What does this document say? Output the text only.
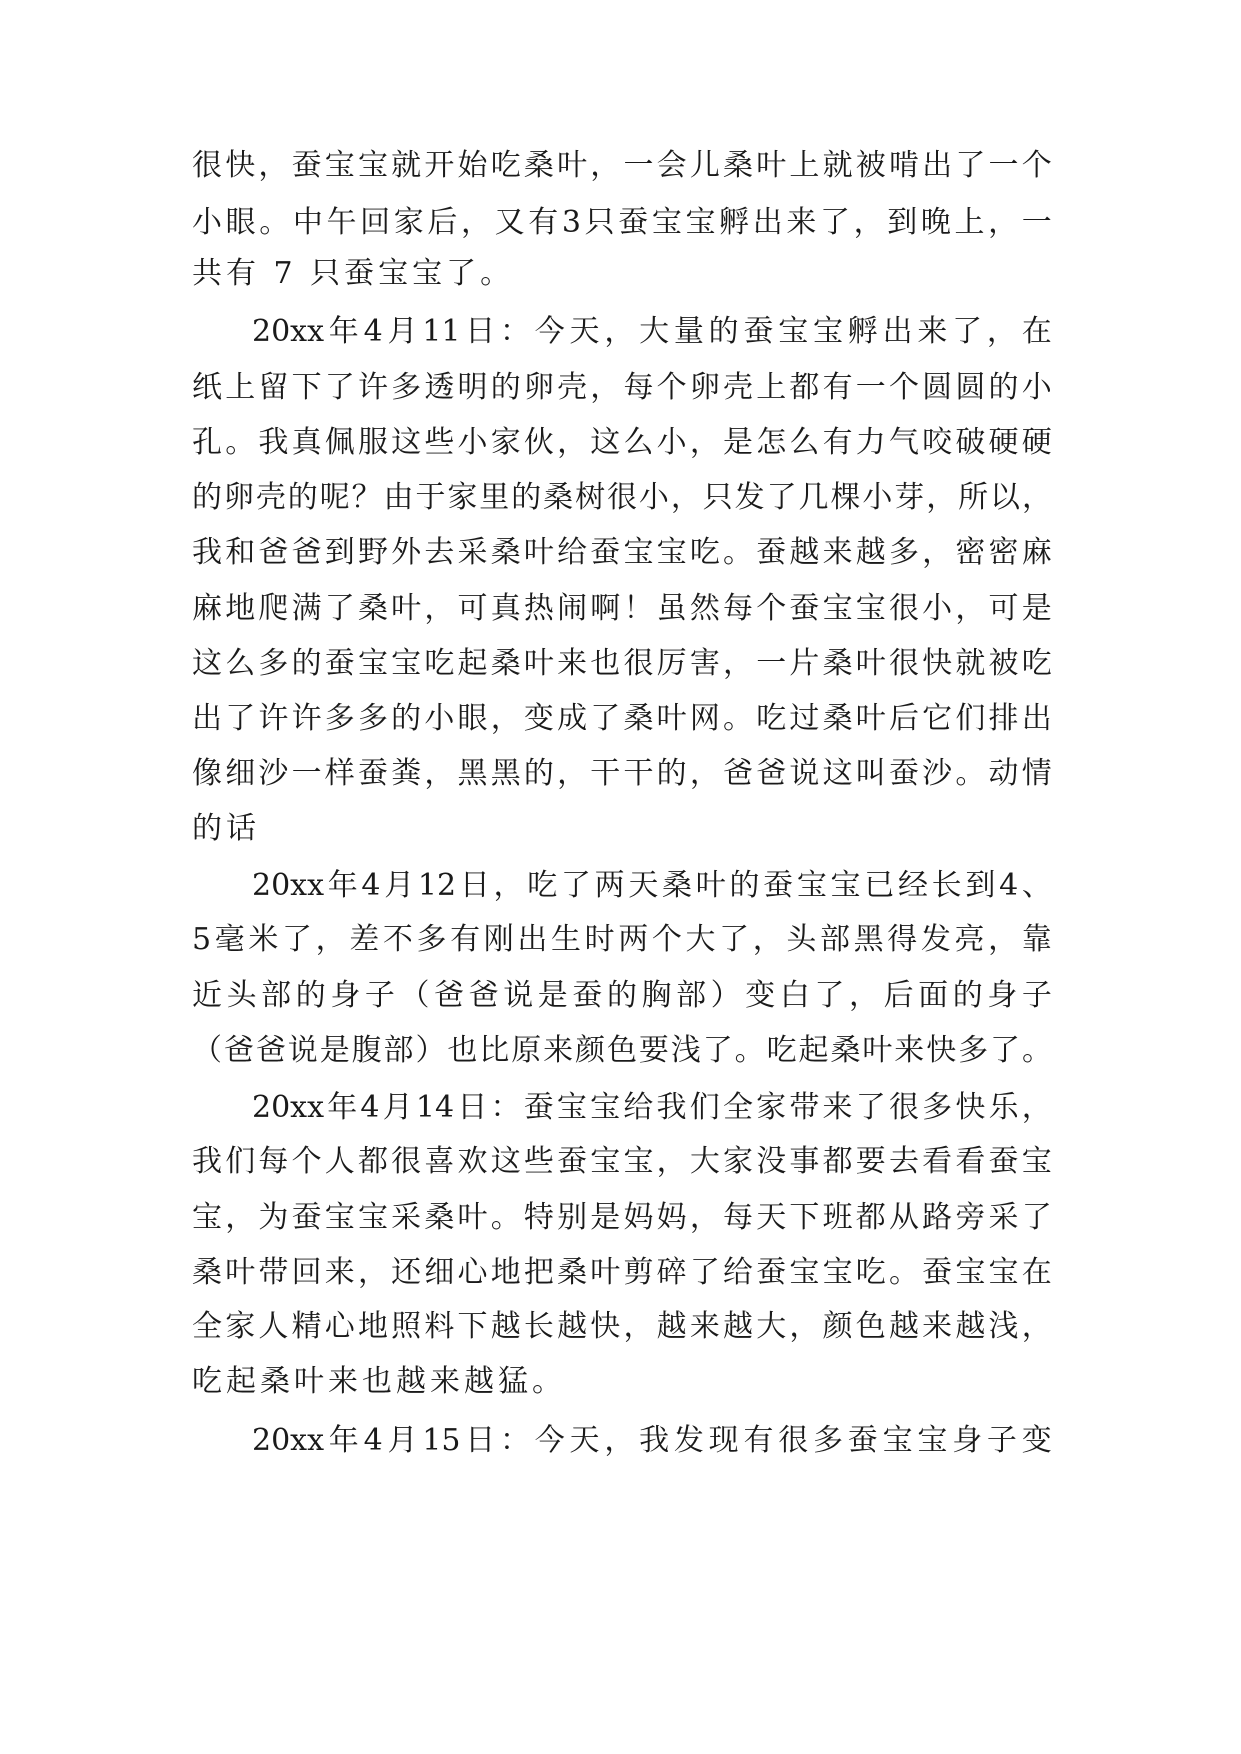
很 快 ， 蚕 宝 宝 就 开 始 吃 桑 叶 ， 一 会 儿 桑 叶 上 就 被 啃 出 了 一 个
小 眼 。 中 午 回 家 后 ， 又 有 3 只 蚕 宝 宝 孵 出 来 了 ， 到 晚 上 ， 一
共有 7 只蚕宝宝了。
20xx 年 4 月 11 日 ： 今 天 ， 大 量 的 蚕 宝 宝 孵 出 来 了 ， 在
纸 上 留 下 了 许 多 透 明 的 卵 壳 ， 每 个 卵 壳 上 都 有 一 个 圆 圆 的 小
孔 。 我 真 佩 服 这 些 小 家 伙 ， 这 么 小 ， 是 怎 么 有 力 气 咬 破 硬 硬
的 卵 壳 的 呢 ？ 由 于 家 里 的 桑 树 很 小 ， 只 发 了 几 棵 小 芽 ， 所 以 ，
我 和 爸 爸 到 野 外 去 采 桑 叶 给 蚕 宝 宝 吃 。 蚕 越 来 越 多 ， 密 密 麻
麻 地 爬 满 了 桑 叶 ， 可 真 热 闹 啊 ！ 虽 然 每 个 蚕 宝 宝 很 小 ， 可 是
这 么 多 的 蚕 宝 宝 吃 起 桑 叶 来 也 很 厉 害 ， 一 片 桑 叶 很 快 就 被 吃
出 了 许 许 多 多 的 小 眼 ， 变 成 了 桑 叶 网 。 吃 过 桑 叶 后 它 们 排 出
像 细 沙 一 样 蚕 粪 ， 黑 黑 的 ， 干 干 的 ， 爸 爸 说 这 叫 蚕 沙 。 动 情
的话
20xx 年 4 月 12 日 ， 吃 了 两 天 桑 叶 的 蚕 宝 宝 已 经 长 到 4 、
5 毫 米 了 ， 差 不 多 有 刚 出 生 时 两 个 大 了 ， 头 部 黑 得 发 亮 ， 靠
近 头 部 的 身 子 （ 爸 爸 说 是 蚕 的 胸 部 ） 变 白 了 ， 后 面 的 身 子
（ 爸 爸 说 是 腹 部 ） 也 比 原 来 颜 色 要 浅 了 。 吃 起 桑 叶 来 快 多 了 。
20xx 年 4 月 14 日 ： 蚕 宝 宝 给 我 们 全 家 带 来 了 很 多 快 乐 ，
我 们 每 个 人 都 很 喜 欢 这 些 蚕 宝 宝 ， 大 家 没 事 都 要 去 看 看 蚕 宝
宝 ， 为 蚕 宝 宝 采 桑 叶 。 特 别 是 妈 妈 ， 每 天 下 班 都 从 路 旁 采 了
桑 叶 带 回 来 ， 还 细 心 地 把 桑 叶 剪 碎 了 给 蚕 宝 宝 吃 。 蚕 宝 宝 在
全 家 人 精 心 地 照 料 下 越 长 越 快 ， 越 来 越 大 ， 颜 色 越 来 越 浅 ，
吃起桑叶来也越来越猛。
20xx 年 4 月 15 日 ： 今 天 ， 我 发 现 有 很 多 蚕 宝 宝 身 子 变
